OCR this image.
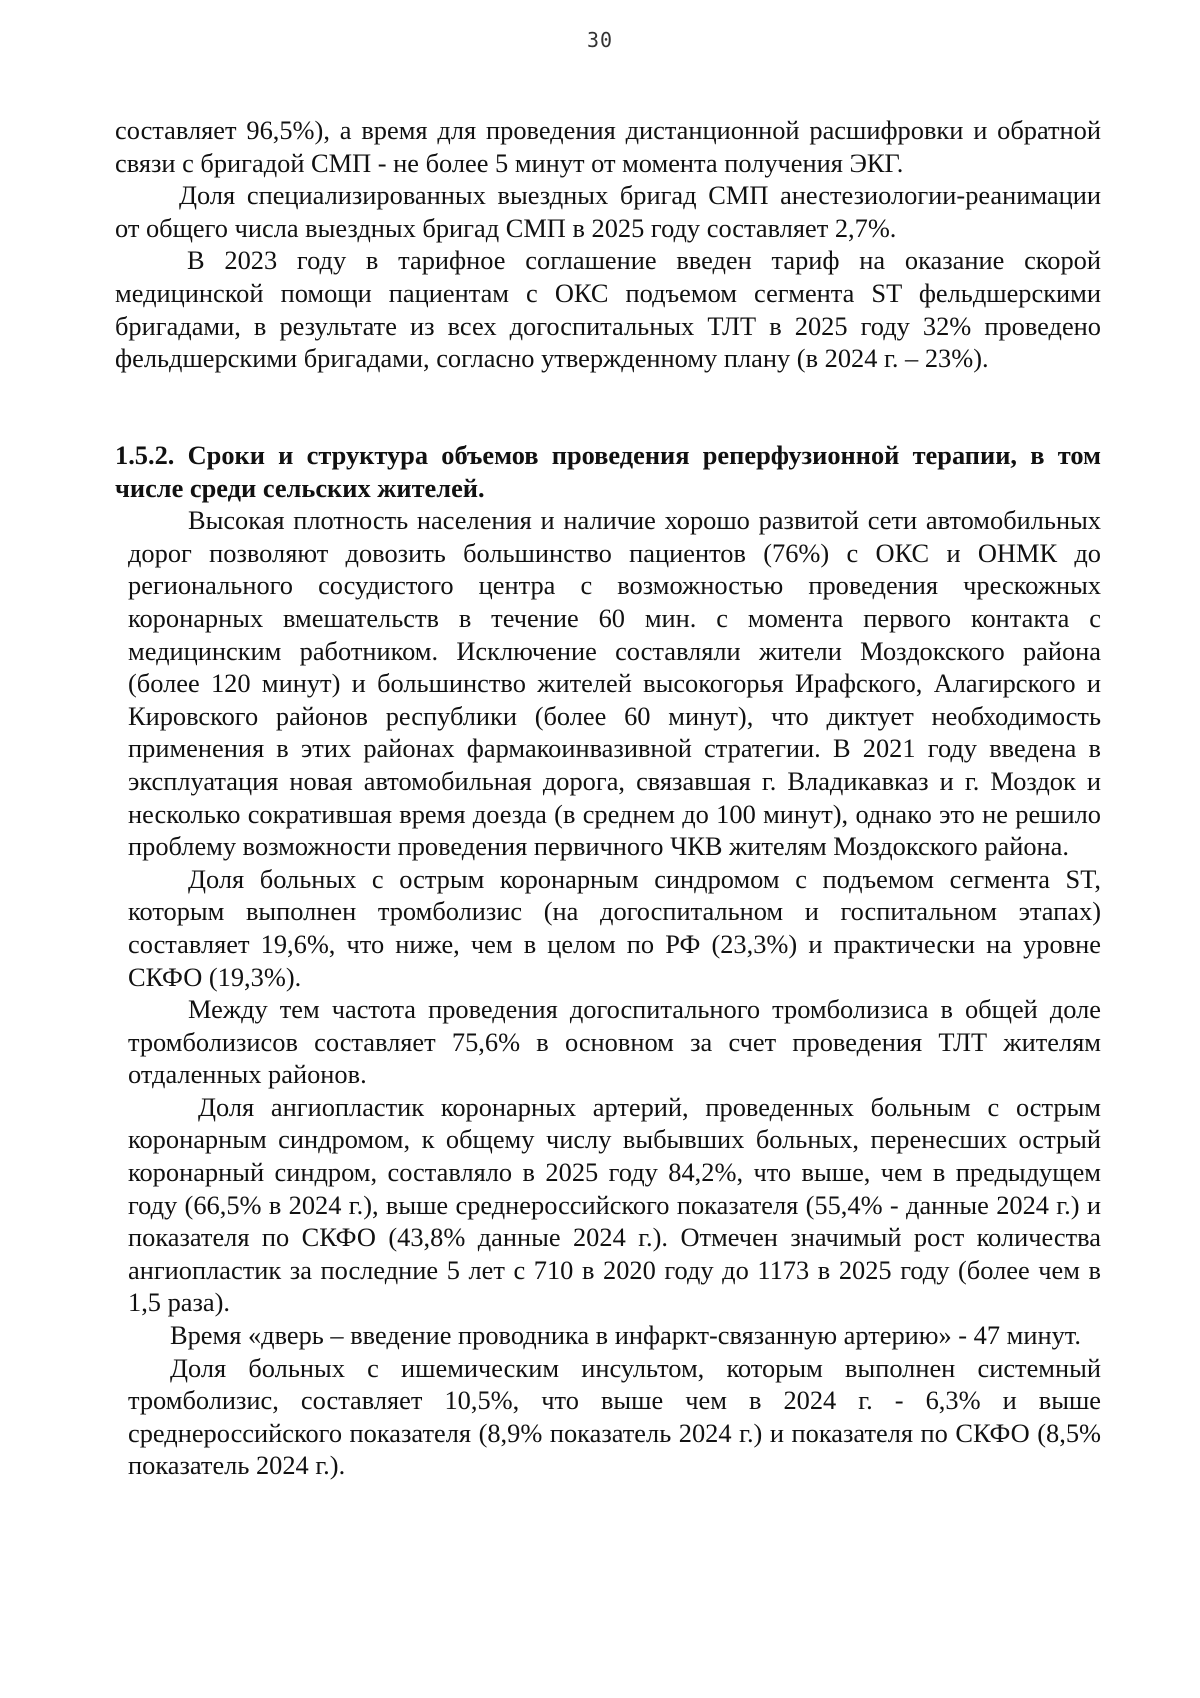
30

составляет 96,5%), а время для проведения дистанционной расшифровки и обратной связи с бригадой СМП - не более 5 минут от момента получения ЭКГ.

Доля специализированных выездных бригад СМП анестезиологии-реанимации от общего числа выездных бригад СМП в 2025 году составляет 2,7%.

В 2023 году в тарифное соглашение введен тариф на оказание скорой медицинской помощи пациентам с ОКС подъемом сегмента ST фельдшерскими бригадами, в результате из всех догоспитальных ТЛТ в 2025 году 32% проведено фельдшерскими бригадами, согласно утвержденному плану (в 2024 г. – 23%).

1.5.2. Сроки и структура объемов проведения реперфузионной терапии, в том числе среди сельских жителей.

Высокая плотность населения и наличие хорошо развитой сети автомобильных дорог позволяют довозить большинство пациентов (76%) с ОКС и ОНМК до регионального сосудистого центра с возможностью проведения чрескожных коронарных вмешательств в течение 60 мин. с момента первого контакта с медицинским работником. Исключение составляли жители Моздокского района (более 120 минут) и большинство жителей высокогорья Ирафского, Алагирского и Кировского районов республики (более 60 минут), что диктует необходимость применения в этих районах фармакоинвазивной стратегии. В 2021 году введена в эксплуатация новая автомобильная дорога, связавшая г. Владикавказ и г. Моздок и несколько сократившая время доезда (в среднем до 100 минут), однако это не решило проблему возможности проведения первичного ЧКВ жителям Моздокского района.

Доля больных с острым коронарным синдромом с подъемом сегмента ST, которым выполнен тромболизис (на догоспитальном и госпитальном этапах) составляет 19,6%, что ниже, чем в целом по РФ (23,3%) и практически на уровне СКФО (19,3%).

Между тем частота проведения догоспитального тромболизиса в общей доле тромболизисов составляет 75,6% в основном за счет проведения ТЛТ жителям отдаленных районов.

Доля ангиопластик коронарных артерий, проведенных больным с острым коронарным синдромом, к общему числу выбывших больных, перенесших острый коронарный синдром, составляло в 2025 году 84,2%, что выше, чем в предыдущем году (66,5% в 2024 г.), выше среднероссийского показателя (55,4% - данные 2024 г.) и показателя по СКФО (43,8% данные 2024 г.). Отмечен значимый рост количества ангиопластик за последние 5 лет с 710 в 2020 году до 1173 в 2025 году (более чем в 1,5 раза).

Время «дверь – введение проводника в инфаркт-связанную артерию» - 47 минут.

Доля больных с ишемическим инсультом, которым выполнен системный тромболизис, составляет 10,5%, что выше чем в 2024 г. - 6,3% и выше среднероссийского показателя (8,9% показатель 2024 г.) и показателя по СКФО (8,5% показатель 2024 г.).
